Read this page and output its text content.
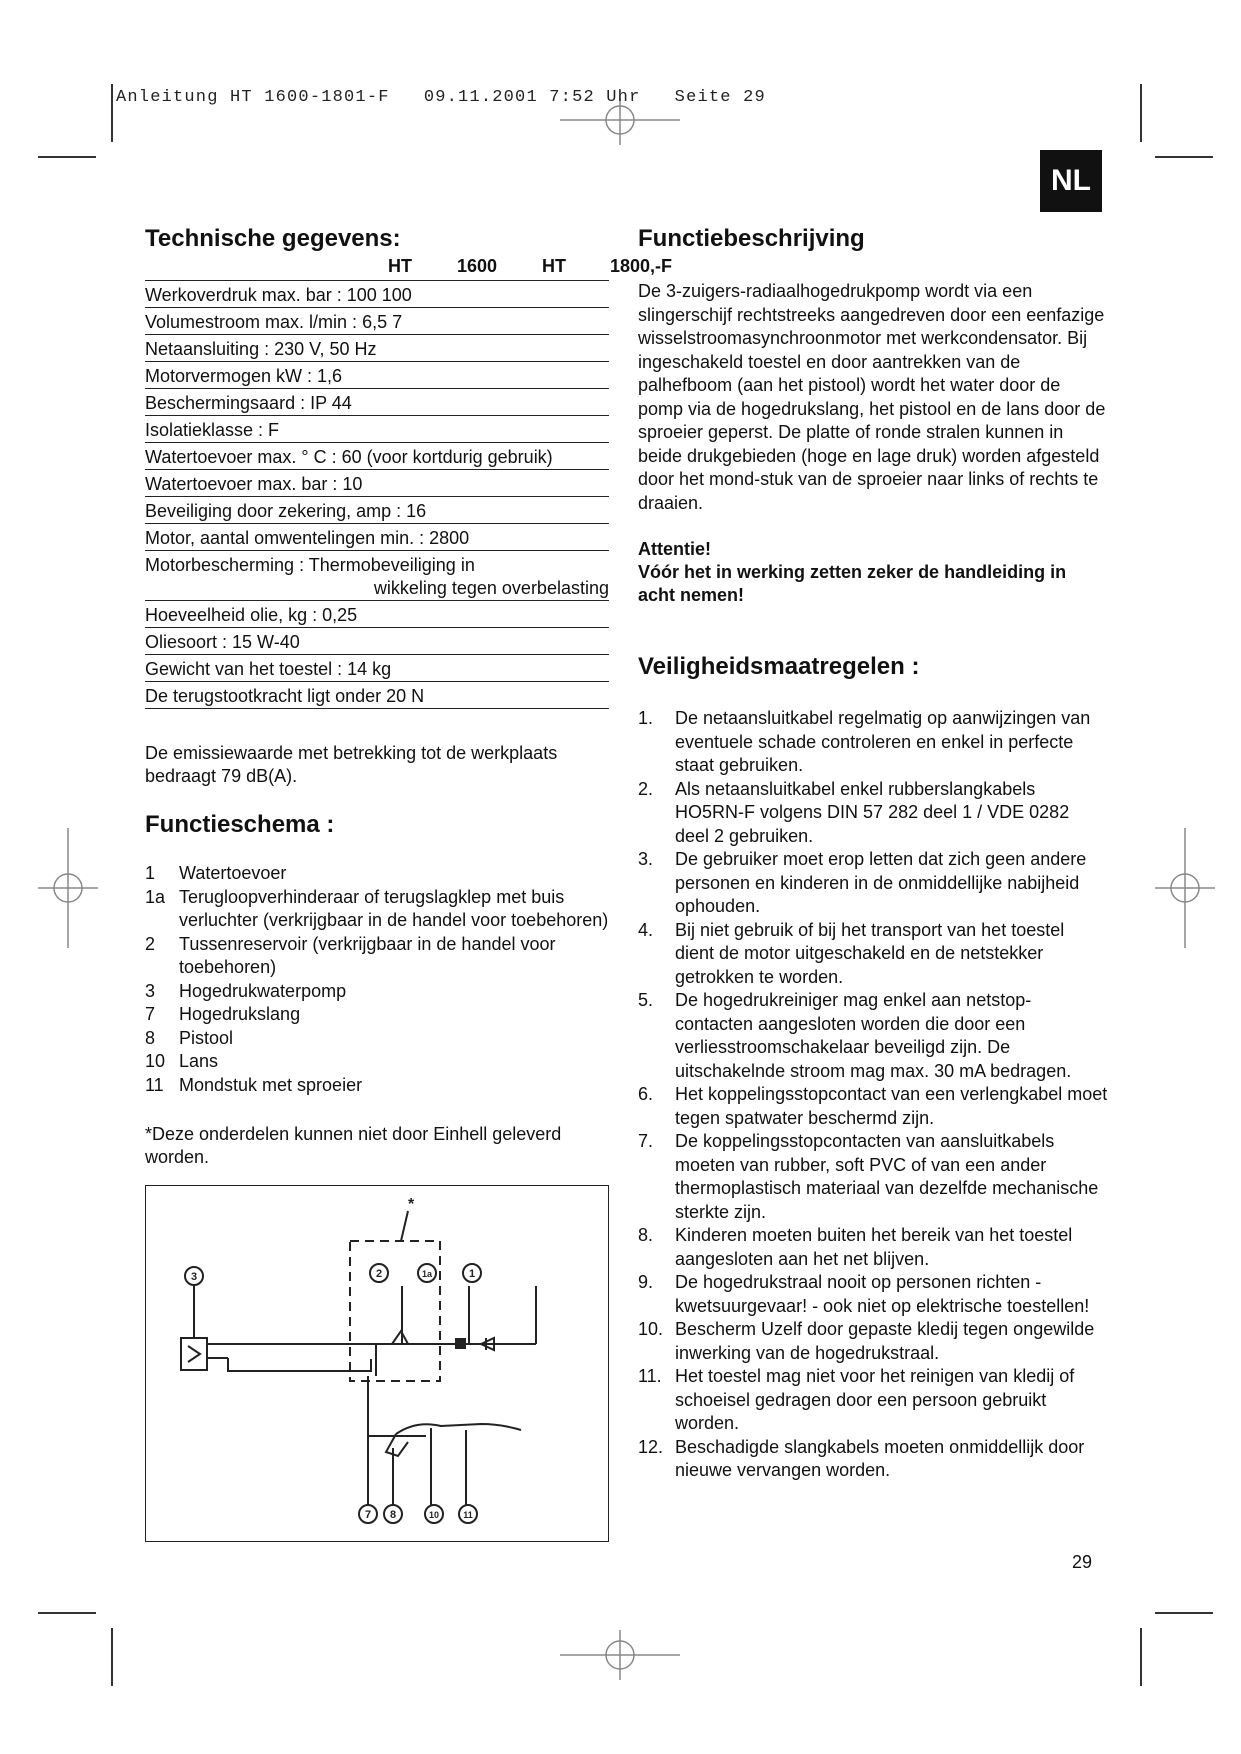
Anleitung HT 1600-1801-F   09.11.2001 7:52 Uhr   Seite 29
NL
Technische gegevens:
HT	1600 HT 1800,-F
Werkoverdruk max. bar : 100 100
Volumestroom max. l/min : 6,5 7
Netaansluiting : 230 V, 50 Hz
Motorvermogen kW : 1,6
Beschermingsaard : IP 44
Isolatieklasse : F
Watertoevoer max. ° C : 60 (voor kortdurig gebruik)
Watertoevoer max. bar : 10
Beveiliging door zekering, amp : 16
Motor, aantal omwentelingen min. : 2800
Motorbescherming : Thermobeveiliging in
wikkeling tegen overbelasting
Hoeveelheid olie, kg : 0,25
Oliesoort : 15 W-40
Gewicht van het toestel : 14 kg
De terugstootkracht ligt onder 20 N
De emissiewaarde met betrekking tot de werkplaats bedraagt 79 dB(A).
Functieschema :
1	Watertoevoer
1a Terugloopverhinderaar of terugslagklep met buis verluchter (verkrijgbaar in de handel voor toebehoren)
2	Tussenreservoir (verkrijgbaar in de handel voor toebehoren)
3	Hogedrukwaterpomp
7	Hogedrukslang
8	Pistool
10 Lans
11 Mondstuk met sproeier
*Deze onderdelen kunnen niet door Einhell geleverd worden.
*
3	2	1a	1
7 8	10	11
Functiebeschrijving
De 3-zuigers-radiaalhogedrukpomp wordt via een slingerschijf rechtstreeks aangedreven door een eenfazige wisselstroomasynchroonmotor met werkcondensator. Bij ingeschakeld toestel en door aantrekken van de palhefboom (aan het pistool) wordt het water door de pomp via de hogedrukslang, het pistool en de lans door de sproeier geperst. De platte of ronde stralen kunnen in beide drukgebieden (hoge en lage druk) worden afgesteld door het mond-stuk van de sproeier naar links of rechts te draaien.
Attentie!
Vóór het in werking zetten zeker de handleiding in acht nemen!
Veiligheidsmaatregelen :
1.	De netaansluitkabel regelmatig op aanwijzingen van eventuele schade controleren en enkel in perfecte staat gebruiken.
2.	Als netaansluitkabel enkel rubberslangkabels HO5RN-F volgens DIN 57 282 deel 1 / VDE 0282 deel 2 gebruiken.
3.	De gebruiker moet erop letten dat zich geen andere personen en kinderen in de onmiddellijke nabijheid ophouden.
4.	Bij niet gebruik of bij het transport van het toestel dient de motor uitgeschakeld en de netstekker getrokken te worden.
5.	De hogedrukreiniger mag enkel aan netstop-contacten aangesloten worden die door een verliesstroomschakelaar beveiligd zijn. De uitschakelnde stroom mag max. 30 mA bedragen.
6.	Het koppelingsstopcontact van een verlengkabel moet tegen spatwater beschermd zijn.
7.	De koppelingsstopcontacten van aansluitkabels moeten van rubber, soft PVC of van een ander thermoplastisch materiaal van dezelfde mechanische sterkte zijn.
8.	Kinderen moeten buiten het bereik van het toestel aangesloten aan het net blijven.
9.	De hogedrukstraal nooit op personen richten - kwetsuurgevaar! - ook niet op elektrische toestellen!
10. Bescherm Uzelf door gepaste kledij tegen ongewilde inwerking van de hogedrukstraal.
11. Het toestel mag niet voor het reinigen van kledij of schoeisel gedragen door een persoon gebruikt worden.
12. Beschadigde slangkabels moeten onmiddellijk door nieuwe vervangen worden.
29
